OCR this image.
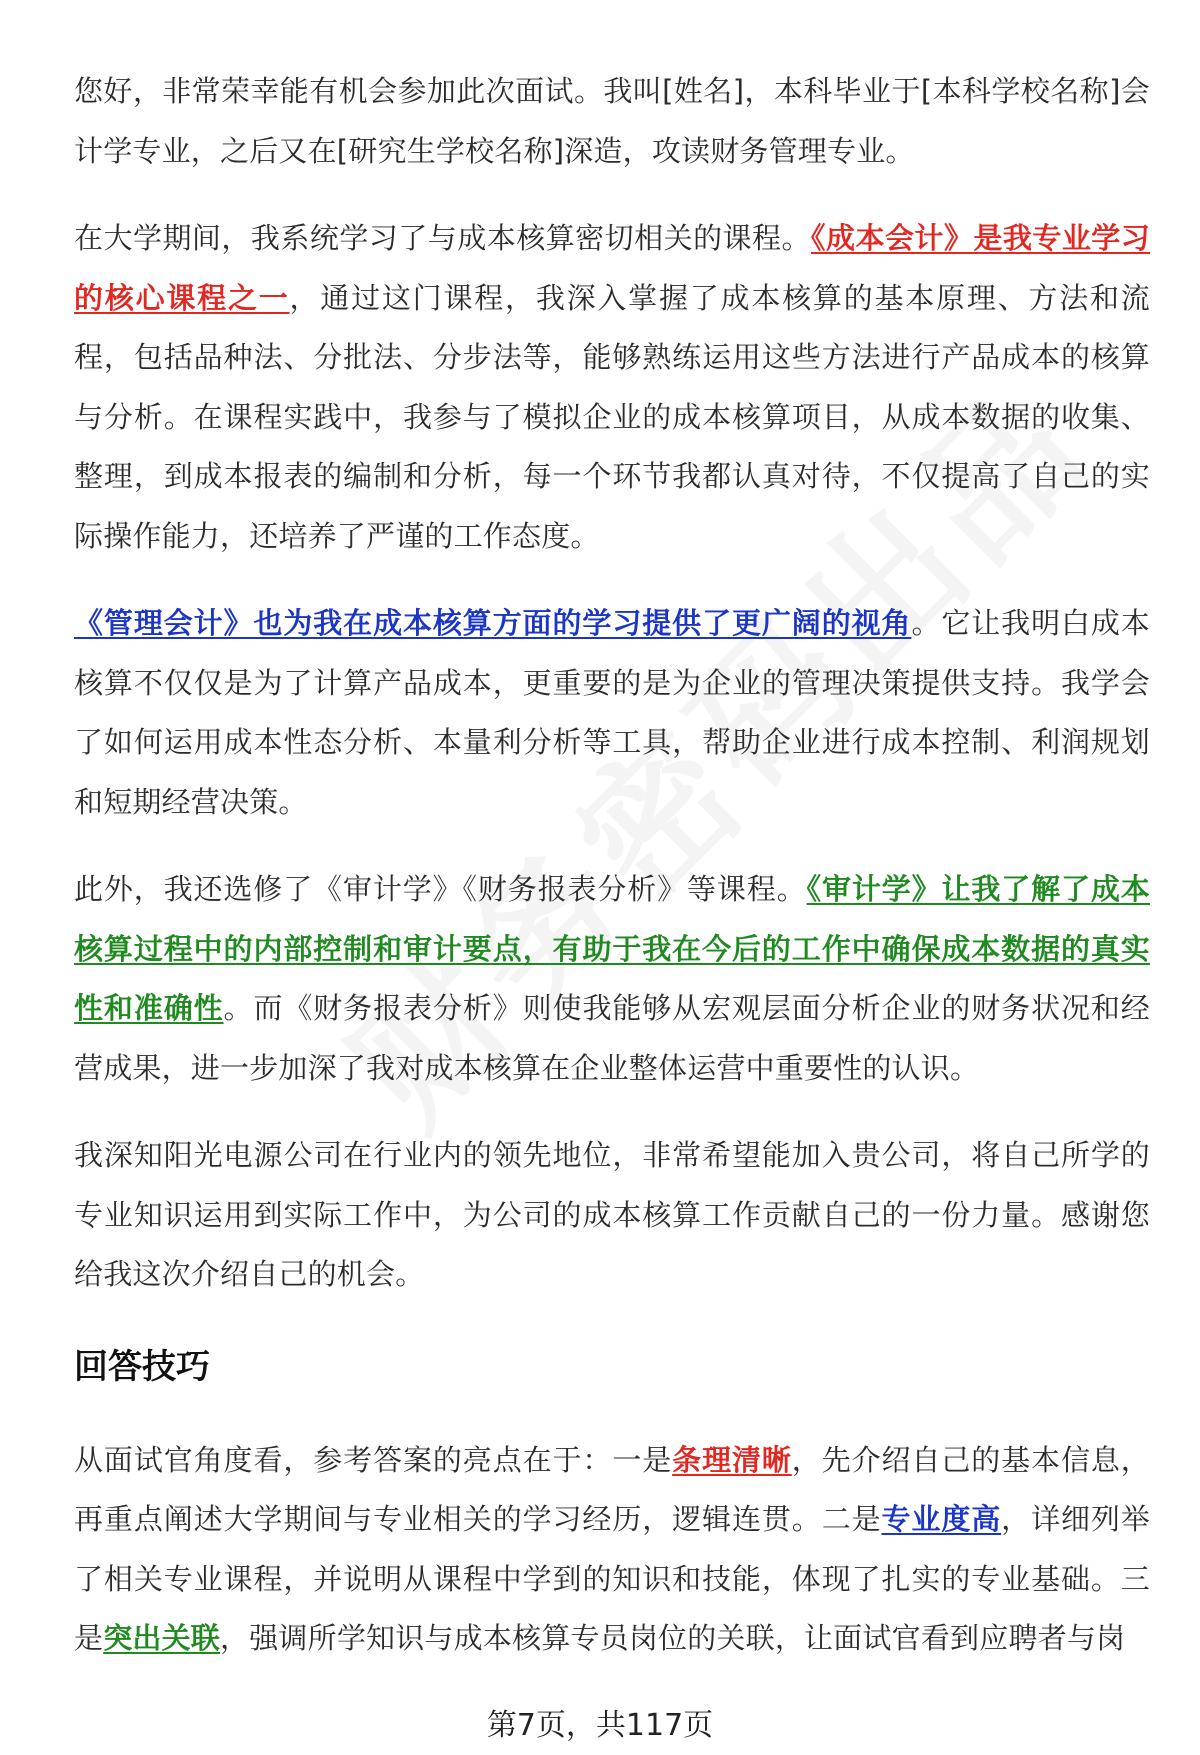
您好，非常荣幸能有机会参加此次面试。我叫[姓名]，本科毕业于[本科学校名称]会计学专业，之后又在[研究生学校名称]深造，攻读财务管理专业。

在大学期间，我系统学习了与成本核算密切相关的课程。《成本会计》是我专业学习的核心课程之一，通过这门课程，我深入掌握了成本核算的基本原理、方法和流程，包括品种法、分批法、分步法等，能够熟练运用这些方法进行产品成本的核算与分析。在课程实践中，我参与了模拟企业的成本核算项目，从成本数据的收集、整理，到成本报表的编制和分析，每一个环节我都认真对待，不仅提高了自己的实际操作能力，还培养了严谨的工作态度。

《管理会计》也为我在成本核算方面的学习提供了更广阔的视角。它让我明白成本核算不仅仅是为了计算产品成本，更重要的是为企业的管理决策提供支持。我学会了如何运用成本性态分析、本量利分析等工具，帮助企业进行成本控制、利润规划和短期经营决策。

此外，我还选修了《审计学》《财务报表分析》等课程。《审计学》让我了解了成本核算过程中的内部控制和审计要点，有助于我在今后的工作中确保成本数据的真实性和准确性。而《财务报表分析》则使我能够从宏观层面分析企业的财务状况和经营成果，进一步加深了我对成本核算在企业整体运营中重要性的认识。

我深知阳光电源公司在行业内的领先地位，非常希望能加入贵公司，将自己所学的专业知识运用到实际工作中，为公司的成本核算工作贡献自己的一份力量。感谢您给我这次介绍自己的机会。

回答技巧

从面试官角度看，参考答案的亮点在于：一是条理清晰，先介绍自己的基本信息，再重点阐述大学期间与专业相关的学习经历，逻辑连贯。二是专业度高，详细列举了相关专业课程，并说明从课程中学到的知识和技能，体现了扎实的专业基础。三是突出关联，强调所学知识与成本核算专员岗位的关联，让面试官看到应聘者与岗

第7页，共117页
